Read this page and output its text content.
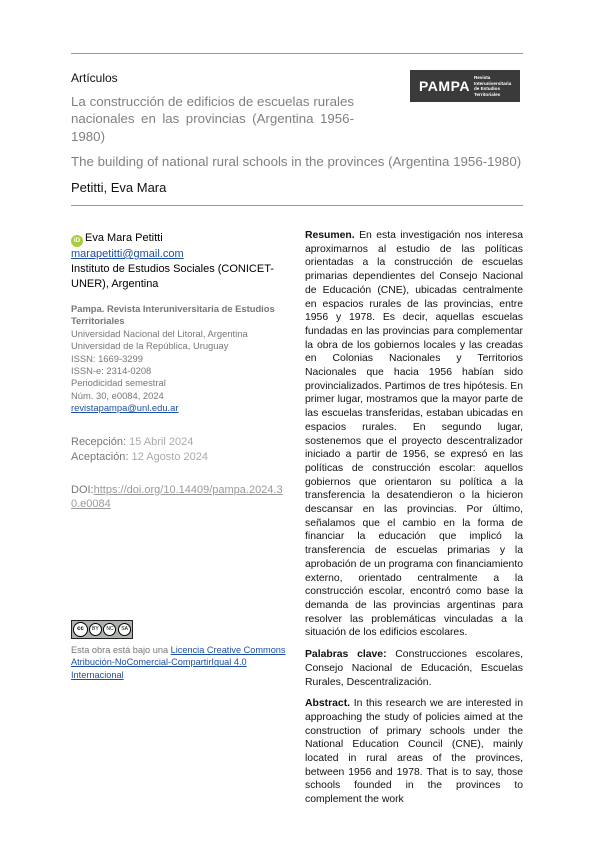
Artículos	PAMPA
Revista Interuniversitaria
de Estudios Territoriales
La construcción de edificios de escuelas rurales nacionales en las provincias (Argentina 1956-1980)
The building of national rural schools in the provinces (Argentina 1956-1980)
Petitti, Eva Mara
iD Eva Mara Petitti
marapetitti@gmail.com
Instituto de Estudios Sociales (CONICET-UNER), Argentina
Pampa. Revista Interuniversitaria de Estudios Territoriales
Universidad Nacional del Litoral, Argentina
Universidad de la República, Uruguay
ISSN: 1669-3299
ISSN-e: 2314-0208
Periodicidad semestral
Núm. 30, e0084, 2024
revistapampa@unl.edu.ar
Recepción: 15 Abril 2024
Aceptación: 12 Agosto 2024
DOI:https://doi.org/10.14409/pampa.2024.30.e0084
cc	BY	NC	SA
Esta obra está bajo una Licencia Creative Commons Atribución-NoComercial-CompartirIgual 4.0 Internacional

Resumen. En esta investigación nos interesa aproximarnos al estudio de las políticas orientadas a la construcción de escuelas primarias dependientes del Consejo Nacional de Educación (CNE), ubicadas centralmente en espacios rurales de las provincias, entre 1956 y 1978. Es decir, aquellas escuelas fundadas en las provincias para complementar la obra de los gobiernos locales y las creadas en Colonias Nacionales y Territorios Nacionales que hacia 1956 habían sido provincializados. Partimos de tres hipótesis. En primer lugar, mostramos que la mayor parte de las escuelas transferidas, estaban ubicadas en espacios rurales. En segundo lugar, sostenemos que el proyecto descentralizador iniciado a partir de 1956, se expresó en las políticas de construcción escolar: aquellos gobiernos que orientaron su política a la transferencia la desatendieron o la hicieron descansar en las provincias. Por último, señalamos que el cambio en la forma de financiar la educación que implicó la transferencia de escuelas primarias y la aprobación de un programa con financiamiento externo, orientado centralmente a la construcción escolar, encontró como base la demanda de las provincias argentinas para resolver las problemáticas vinculadas a la situación de los edificios escolares.

Palabras clave: Construcciones escolares, Consejo Nacional de Educación, Escuelas Rurales, Descentralización.

Abstract. In this research we are interested in approaching the study of policies aimed at the construction of primary schools under the National Education Council (CNE), mainly located in rural areas of the provinces, between 1956 and 1978. That is to say, those schools founded in the provinces to complement the work
